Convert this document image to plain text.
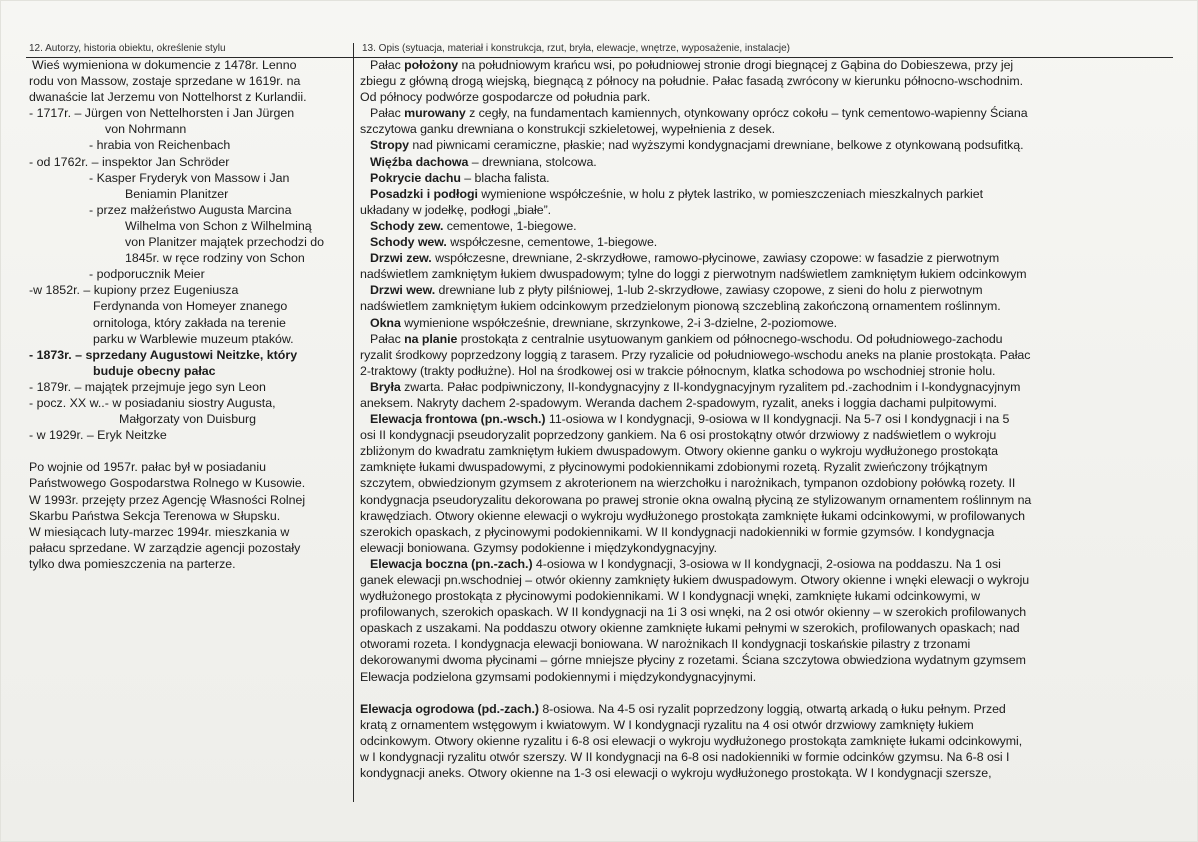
12. Autorzy, historia obiektu, określenie stylu	13. Opis (sytuacja, materiał i konstrukcja, rzut, bryła, elewacje, wnętrze, wyposażenie, instalacje)
Wieś wymieniona w dokumencie z 1478r. Lenno
rodu von Massow, zostaje sprzedane w 1619r. na
dwanaście lat Jerzemu von Nottelhorst z Kurlandii.
- 1717r. – Jürgen von Nettelhorsten i Jan Jürgen
von Nohrmann
- hrabia von Reichenbach
- od 1762r. – inspektor Jan Schröder
- Kasper Fryderyk von Massow i Jan
Beniamin Planitzer
- przez małżeństwo Augusta Marcina
Wilhelma von Schon z Wilhelminą
von Planitzer majątek przechodzi do
1845r. w ręce rodziny von Schon
- podporucznik Meier
-w 1852r. – kupiony przez Eugeniusza
Ferdynanda von Homeyer znanego
ornitologa, który zakłada na terenie
parku w Warblewie muzeum ptaków.
- 1873r. – sprzedany Augustowi Neitzke, który
buduje obecny pałac
- 1879r. – majątek przejmuje jego syn Leon
- pocz. XX w..- w posiadaniu siostry Augusta,
Małgorzaty von Duisburg
- w 1929r. – Eryk Neitzke
Po wojnie od 1957r. pałac był w posiadaniu
Państwowego Gospodarstwa Rolnego w Kusowie.
W 1993r. przejęty przez Agencję Własności Rolnej
Skarbu Państwa Sekcja Terenowa w Słupsku.
W miesiącach luty-marzec 1994r. mieszkania w
pałacu sprzedane. W zarządzie agencji pozostały
tylko dwa pomieszczenia na parterze.
Pałac położony na południowym krańcu wsi, po południowej stronie drogi biegnącej z Gąbina do Dobieszewa, przy jej
zbiegu z główną drogą wiejską, biegnącą z północy na południe. Pałac fasadą zwrócony w kierunku północno-wschodnim.
Od północy podwórze gospodarcze od południa park.
Pałac murowany z cegły, na fundamentach kamiennych, otynkowany oprócz cokołu – tynk cementowo-wapienny Ściana
szczytowa ganku drewniana o konstrukcji szkieletowej, wypełnienia z desek.
Stropy nad piwnicami ceramiczne, płaskie; nad wyższymi kondygnacjami drewniane, belkowe z otynkowaną podsufitką.
Więźba dachowa – drewniana, stolcowa.
Pokrycie dachu – blacha falista.
Posadzki i podłogi wymienione współcześnie, w holu z płytek lastriko, w pomieszczeniach mieszkalnych parkiet
układany w jodełkę, podłogi „białe”.
Schody zew. cementowe, 1-biegowe.
Schody wew. współczesne, cementowe, 1-biegowe.
Drzwi zew. współczesne, drewniane, 2-skrzydłowe, ramowo-płycinowe, zawiasy czopowe: w fasadzie z pierwotnym
nadświetlem zamkniętym łukiem dwuspadowym; tylne do loggi z pierwotnym nadświetlem zamkniętym łukiem odcinkowym
Drzwi wew. drewniane lub z płyty pilśniowej, 1-lub 2-skrzydłowe, zawiasy czopowe, z sieni do holu z pierwotnym
nadświetlem zamkniętym łukiem odcinkowym przedzielonym pionową szczebliną zakończoną ornamentem roślinnym.
Okna wymienione współcześnie, drewniane, skrzynkowe, 2-i 3-dzielne, 2-poziomowe.
Pałac na planie prostokąta z centralnie usytuowanym gankiem od północnego-wschodu. Od południowego-zachodu
ryzalit środkowy poprzedzony loggią z tarasem. Przy ryzalicie od południowego-wschodu aneks na planie prostokąta. Pałac
2-traktowy (trakty podłużne). Hol na środkowej osi w trakcie północnym, klatka schodowa po wschodniej stronie holu.
Bryła zwarta. Pałac podpiwniczony, II-kondygnacyjny z II-kondygnacyjnym ryzalitem pd.-zachodnim i I-kondygnacyjnym
aneksem. Nakryty dachem 2-spadowym. Weranda dachem 2-spadowym, ryzalit, aneks i loggia dachami pulpitowymi.
Elewacja frontowa (pn.-wsch.) 11-osiowa w I kondygnacji, 9-osiowa w II kondygnacji. Na 5-7 osi I kondygnacji i na 5
osi II kondygnacji pseudoryzalit poprzedzony gankiem. Na 6 osi prostokątny otwór drzwiowy z nadświetlem o wykroju
zbliżonym do kwadratu zamkniętym łukiem dwuspadowym. Otwory okienne ganku o wykroju wydłużonego prostokąta
zamknięte łukami dwuspadowymi, z płycinowymi podokiennikami zdobionymi rozetą. Ryzalit zwieńczony trójkątnym
szczytem, obwiedzionym gzymsem z akroterionem na wierzchołku i narożnikach, tympanon ozdobiony połówką rozety. II
kondygnacja pseudoryzalitu dekorowana po prawej stronie okna owalną płyciną ze stylizowanym ornamentem roślinnym na
krawędziach. Otwory okienne elewacji o wykroju wydłużonego prostokąta zamknięte łukami odcinkowymi, w profilowanych
szerokich opaskach, z płycinowymi podokiennikami. W II kondygnacji nadokienniki w formie gzymsów. I kondygnacja
elewacji boniowana. Gzymsy podokienne i międzykondygnacyjny.
Elewacja boczna (pn.-zach.) 4-osiowa w I kondygnacji, 3-osiowa w II kondygnacji, 2-osiowa na poddaszu. Na 1 osi
ganek elewacji pn.wschodniej – otwór okienny zamknięty łukiem dwuspadowym. Otwory okienne i wnęki elewacji o wykroju
wydłużonego prostokąta z płycinowymi podokiennikami. W I kondygnacji wnęki, zamknięte łukami odcinkowymi, w
profilowanych, szerokich opaskach. W II kondygnacji na 1i 3 osi wnęki, na 2 osi otwór okienny – w szerokich profilowanych
opaskach z uszakami. Na poddaszu otwory okienne zamknięte łukami pełnymi w szerokich, profilowanych opaskach; nad
otworami rozeta. I kondygnacja elewacji boniowana. W narożnikach II kondygnacji toskańskie pilastry z trzonami
dekorowanymi dwoma płycinami – górne mniejsze płyciny z rozetami. Ściana szczytowa obwiedziona wydatnym gzymsem
Elewacja podzielona gzymsami podokiennymi i międzykondygnacyjnymi.
Elewacja ogrodowa (pd.-zach.) 8-osiowa. Na 4-5 osi ryzalit poprzedzony loggią, otwartą arkadą o łuku pełnym. Przed
kratą z ornamentem wstęgowym i kwiatowym. W I kondygnacji ryzalitu na 4 osi otwór drzwiowy zamknięty łukiem
odcinkowym. Otwory okienne ryzalitu i 6-8 osi elewacji o wykroju wydłużonego prostokąta zamknięte łukami odcinkowymi,
w I kondygnacji ryzalitu otwór szerszy. W II kondygnacji na 6-8 osi nadokienniki w formie odcinków gzymsu. Na 6-8 osi I
kondygnacji aneks. Otwory okienne na 1-3 osi elewacji o wykroju wydłużonego prostokąta. W I kondygnacji szersze,
